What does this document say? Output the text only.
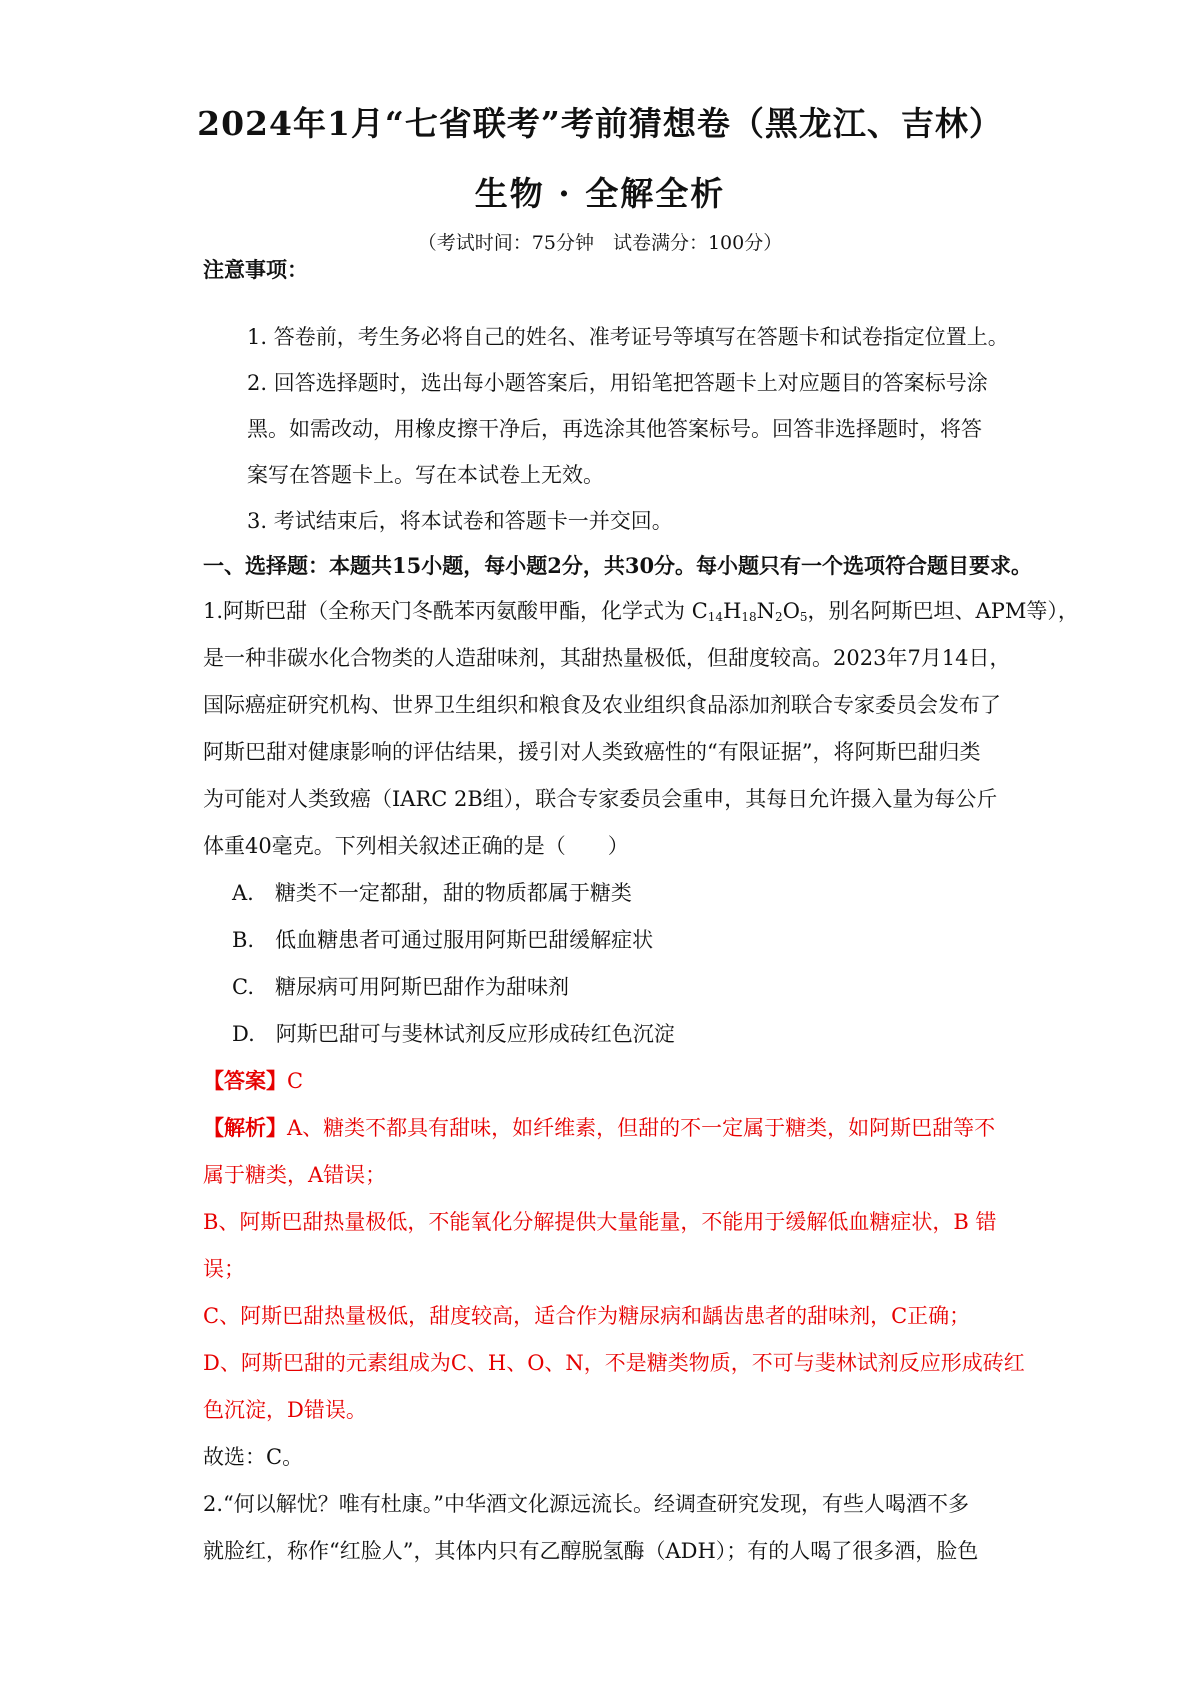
2024年1月“七省联考”考前猜想卷（黑龙江、吉林）
生物 · 全解全析
（考试时间：75分钟　试卷满分：100分）
注意事项：
1. 答卷前，考生务必将自己的姓名、准考证号等填写在答题卡和试卷指定位置上。
2. 回答选择题时，选出每小题答案后，用铅笔把答题卡上对应题目的答案标号涂
黑。如需改动，用橡皮擦干净后，再选涂其他答案标号。回答非选择题时，将答
案写在答题卡上。写在本试卷上无效。
3. 考试结束后，将本试卷和答题卡一并交回。
一、选择题：本题共15小题，每小题2分，共30分。每小题只有一个选项符合题目要求。
1.阿斯巴甜（全称天门冬酰苯丙氨酸甲酯，化学式为 $C_{14}H_{18}N_2O_5$，别名阿斯巴坦、APM等），
是一种非碳水化合物类的人造甜味剂，其甜热量极低，但甜度较高。2023年7月14日，
国际癌症研究机构、世界卫生组织和粮食及农业组织食品添加剂联合专家委员会发布了
阿斯巴甜对健康影响的评估结果，援引对人类致癌性的“有限证据”，将阿斯巴甜归类
为可能对人类致癌（IARC 2B组），联合专家委员会重申，其每日允许摄入量为每公斤
体重40毫克。下列相关叙述正确的是（　　）
A.　糖类不一定都甜，甜的物质都属于糖类
B.　低血糖患者可通过服用阿斯巴甜缓解症状
C.　糖尿病可用阿斯巴甜作为甜味剂
D.　阿斯巴甜可与斐林试剂反应形成砖红色沉淀
【答案】C
【解析】A、糖类不都具有甜味，如纤维素，但甜的不一定属于糖类，如阿斯巴甜等不
属于糖类，A错误；
B、阿斯巴甜热量极低，不能氧化分解提供大量能量，不能用于缓解低血糖症状，B 错
误；
C、阿斯巴甜热量极低，甜度较高，适合作为糖尿病和龋齿患者的甜味剂，C正确；
D、阿斯巴甜的元素组成为C、H、O、N，不是糖类物质，不可与斐林试剂反应形成砖红
色沉淀，D错误。
故选：C。
2.“何以解忧？唯有杜康。”中华酒文化源远流长。经调查研究发现，有些人喝酒不多
就脸红，称作“红脸人”，其体内只有乙醇脱氢酶（ADH）；有的人喝了很多酒，脸色
